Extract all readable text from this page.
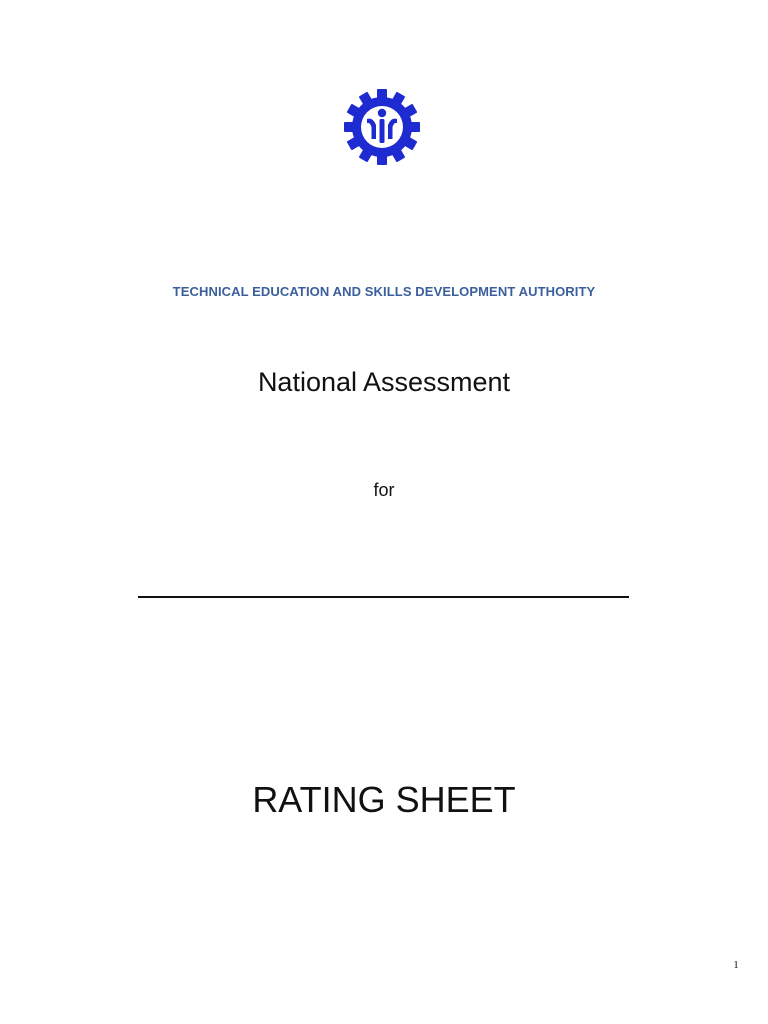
TECHNICAL EDUCATION AND SKILLS DEVELOPMENT AUTHORITY
National Assessment
for
RATING SHEET
1
